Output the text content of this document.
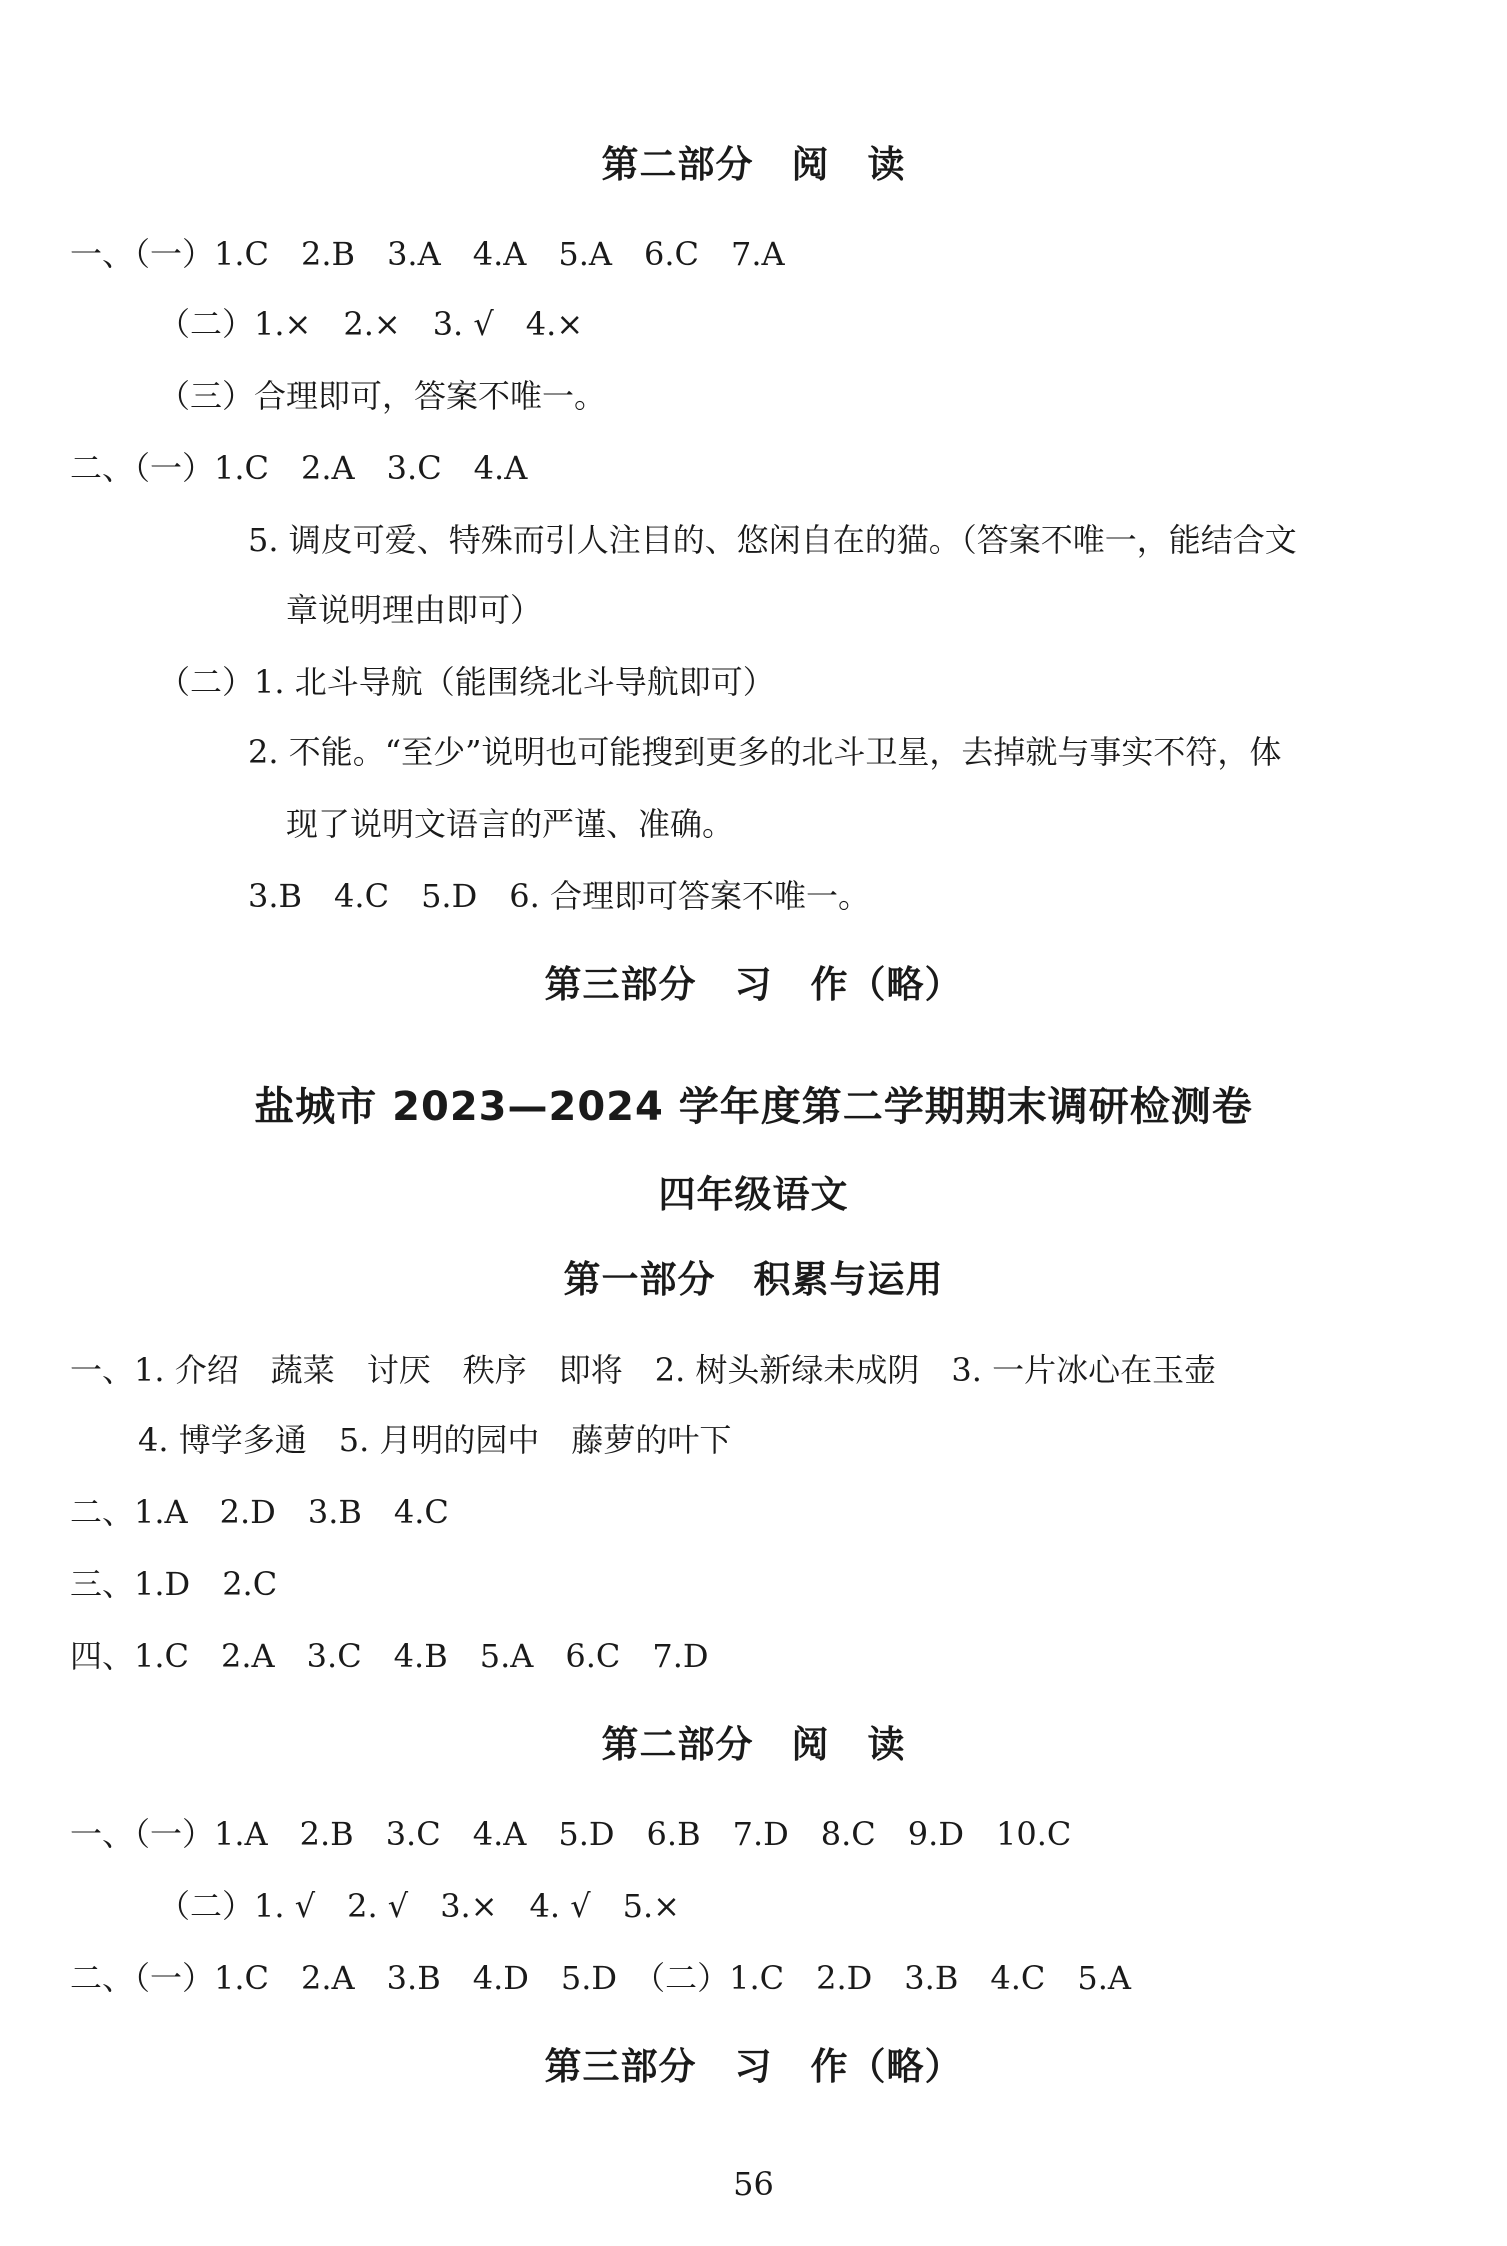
第二部分　阅　读
一、（一）1.C　2.B　3.A　4.A　5.A　6.C　7.A
（二）1.×　2.×　3. √　4.×
（三）合理即可，答案不唯一。
二、（一）1.C　2.A　3.C　4.A
5. 调皮可爱、特殊而引人注目的、悠闲自在的猫。（答案不唯一，能结合文
章说明理由即可）
（二）1. 北斗导航（能围绕北斗导航即可）
2. 不能。“至少”说明也可能搜到更多的北斗卫星，去掉就与事实不符，体
现了说明文语言的严谨、准确。
3.B　4.C　5.D　6. 合理即可答案不唯一。
第三部分　习　作（略）
盐城市 2023—2024 学年度第二学期期末调研检测卷
四年级语文
第一部分　积累与运用
一、1. 介绍　蔬菜　讨厌　秩序　即将　2. 树头新绿未成阴　3. 一片冰心在玉壶
4. 博学多通　5. 月明的园中　藤萝的叶下
二、1.A　2.D　3.B　4.C
三、1.D　2.C
四、1.C　2.A　3.C　4.B　5.A　6.C　7.D
第二部分　阅　读
一、（一）1.A　2.B　3.C　4.A　5.D　6.B　7.D　8.C　9.D　10.C
（二）1. √　2. √　3.×　4. √　5.×
二、（一）1.C　2.A　3.B　4.D　5.D　（二）1.C　2.D　3.B　4.C　5.A
第三部分　习　作（略）
56
